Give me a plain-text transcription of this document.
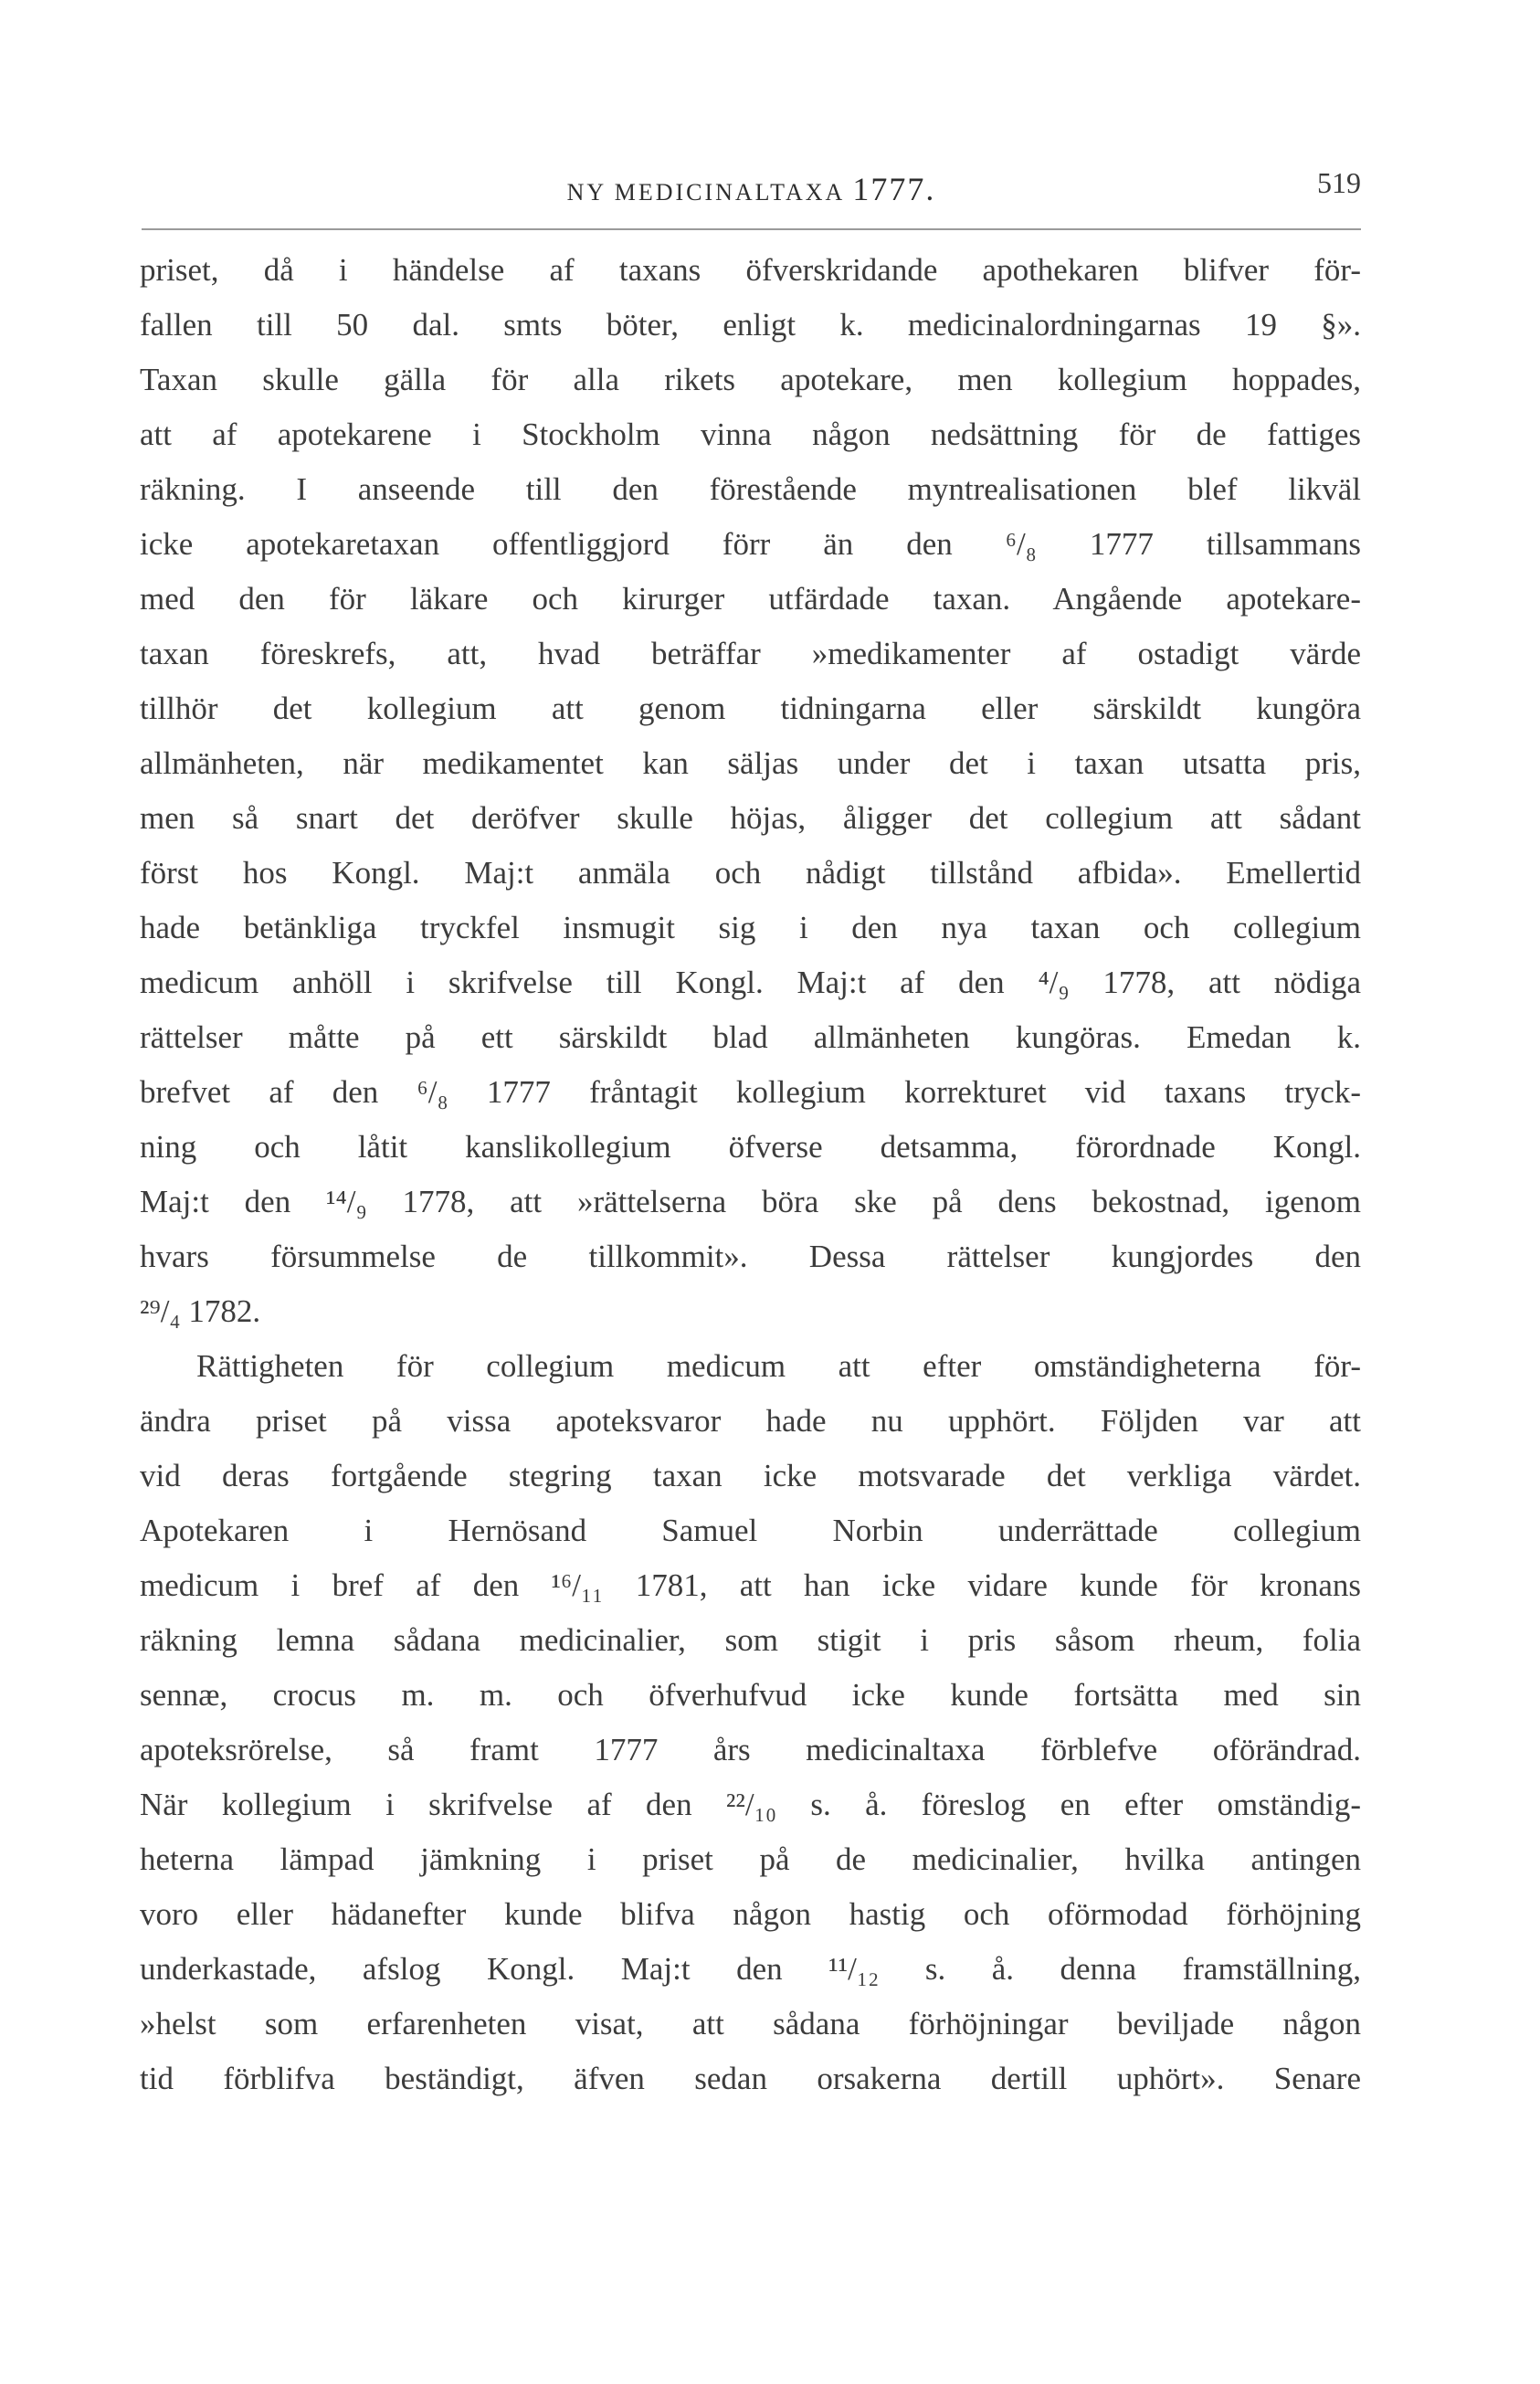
NY MEDICINALTAXA 1777.	519
priset, då i händelse af taxans öfverskridande apothekaren blifver för-
fallen till 50 dal. smts böter, enligt k. medicinalordningarnas 19 §».
Taxan skulle gälla för alla rikets apotekare, men kollegium hoppades,
att af apotekarene i Stockholm vinna någon nedsättning för de fattiges
räkning. I anseende till den förestående myntrealisationen blef likväl
icke apotekaretaxan offentliggjord förr än den ⁶/₈ 1777 tillsammans
med den för läkare och kirurger utfärdade taxan. Angående apotekare-
taxan föreskrefs, att, hvad beträffar »medikamenter af ostadigt värde
tillhör det kollegium att genom tidningarna eller särskildt kungöra
allmänheten, när medikamentet kan säljas under det i taxan utsatta pris,
men så snart det deröfver skulle höjas, åligger det collegium att sådant
först hos Kongl. Maj:t anmäla och nådigt tillstånd afbida». Emellertid
hade betänkliga tryckfel insmugit sig i den nya taxan och collegium
medicum anhöll i skrifvelse till Kongl. Maj:t af den ⁴/₉ 1778, att nödiga
rättelser måtte på ett särskildt blad allmänheten kungöras. Emedan k.
brefvet af den ⁶/₈ 1777 fråntagit kollegium korrekturet vid taxans tryck-
ning och låtit kanslikollegium öfverse detsamma, förordnade Kongl.
Maj:t den ¹⁴/₉ 1778, att »rättelserna böra ske på dens bekostnad, igenom
hvars försummelse de tillkommit». Dessa rättelser kungjordes den
²⁹/₄ 1782.
Rättigheten för collegium medicum att efter omständigheterna för-
ändra priset på vissa apoteksvaror hade nu upphört. Följden var att
vid deras fortgående stegring taxan icke motsvarade det verkliga värdet.
Apotekaren i Hernösand Samuel Norbin underrättade collegium
medicum i bref af den ¹⁶/₁₁ 1781, att han icke vidare kunde för kronans
räkning lemna sådana medicinalier, som stigit i pris såsom rheum, folia
sennæ, crocus m. m. och öfverhufvud icke kunde fortsätta med sin
apoteksrörelse, så framt 1777 års medicinaltaxa förblefve oförändrad.
När kollegium i skrifvelse af den ²²/₁₀ s. å. föreslog en efter omständig-
heterna lämpad jämkning i priset på de medicinalier, hvilka antingen
voro eller hädanefter kunde blifva någon hastig och oförmodad förhöjning
underkastade, afslog Kongl. Maj:t den ¹¹/₁₂ s. å. denna framställning,
»helst som erfarenheten visat, att sådana förhöjningar beviljade någon
tid förblifva beständigt, äfven sedan orsakerna dertill uphört». Senare
